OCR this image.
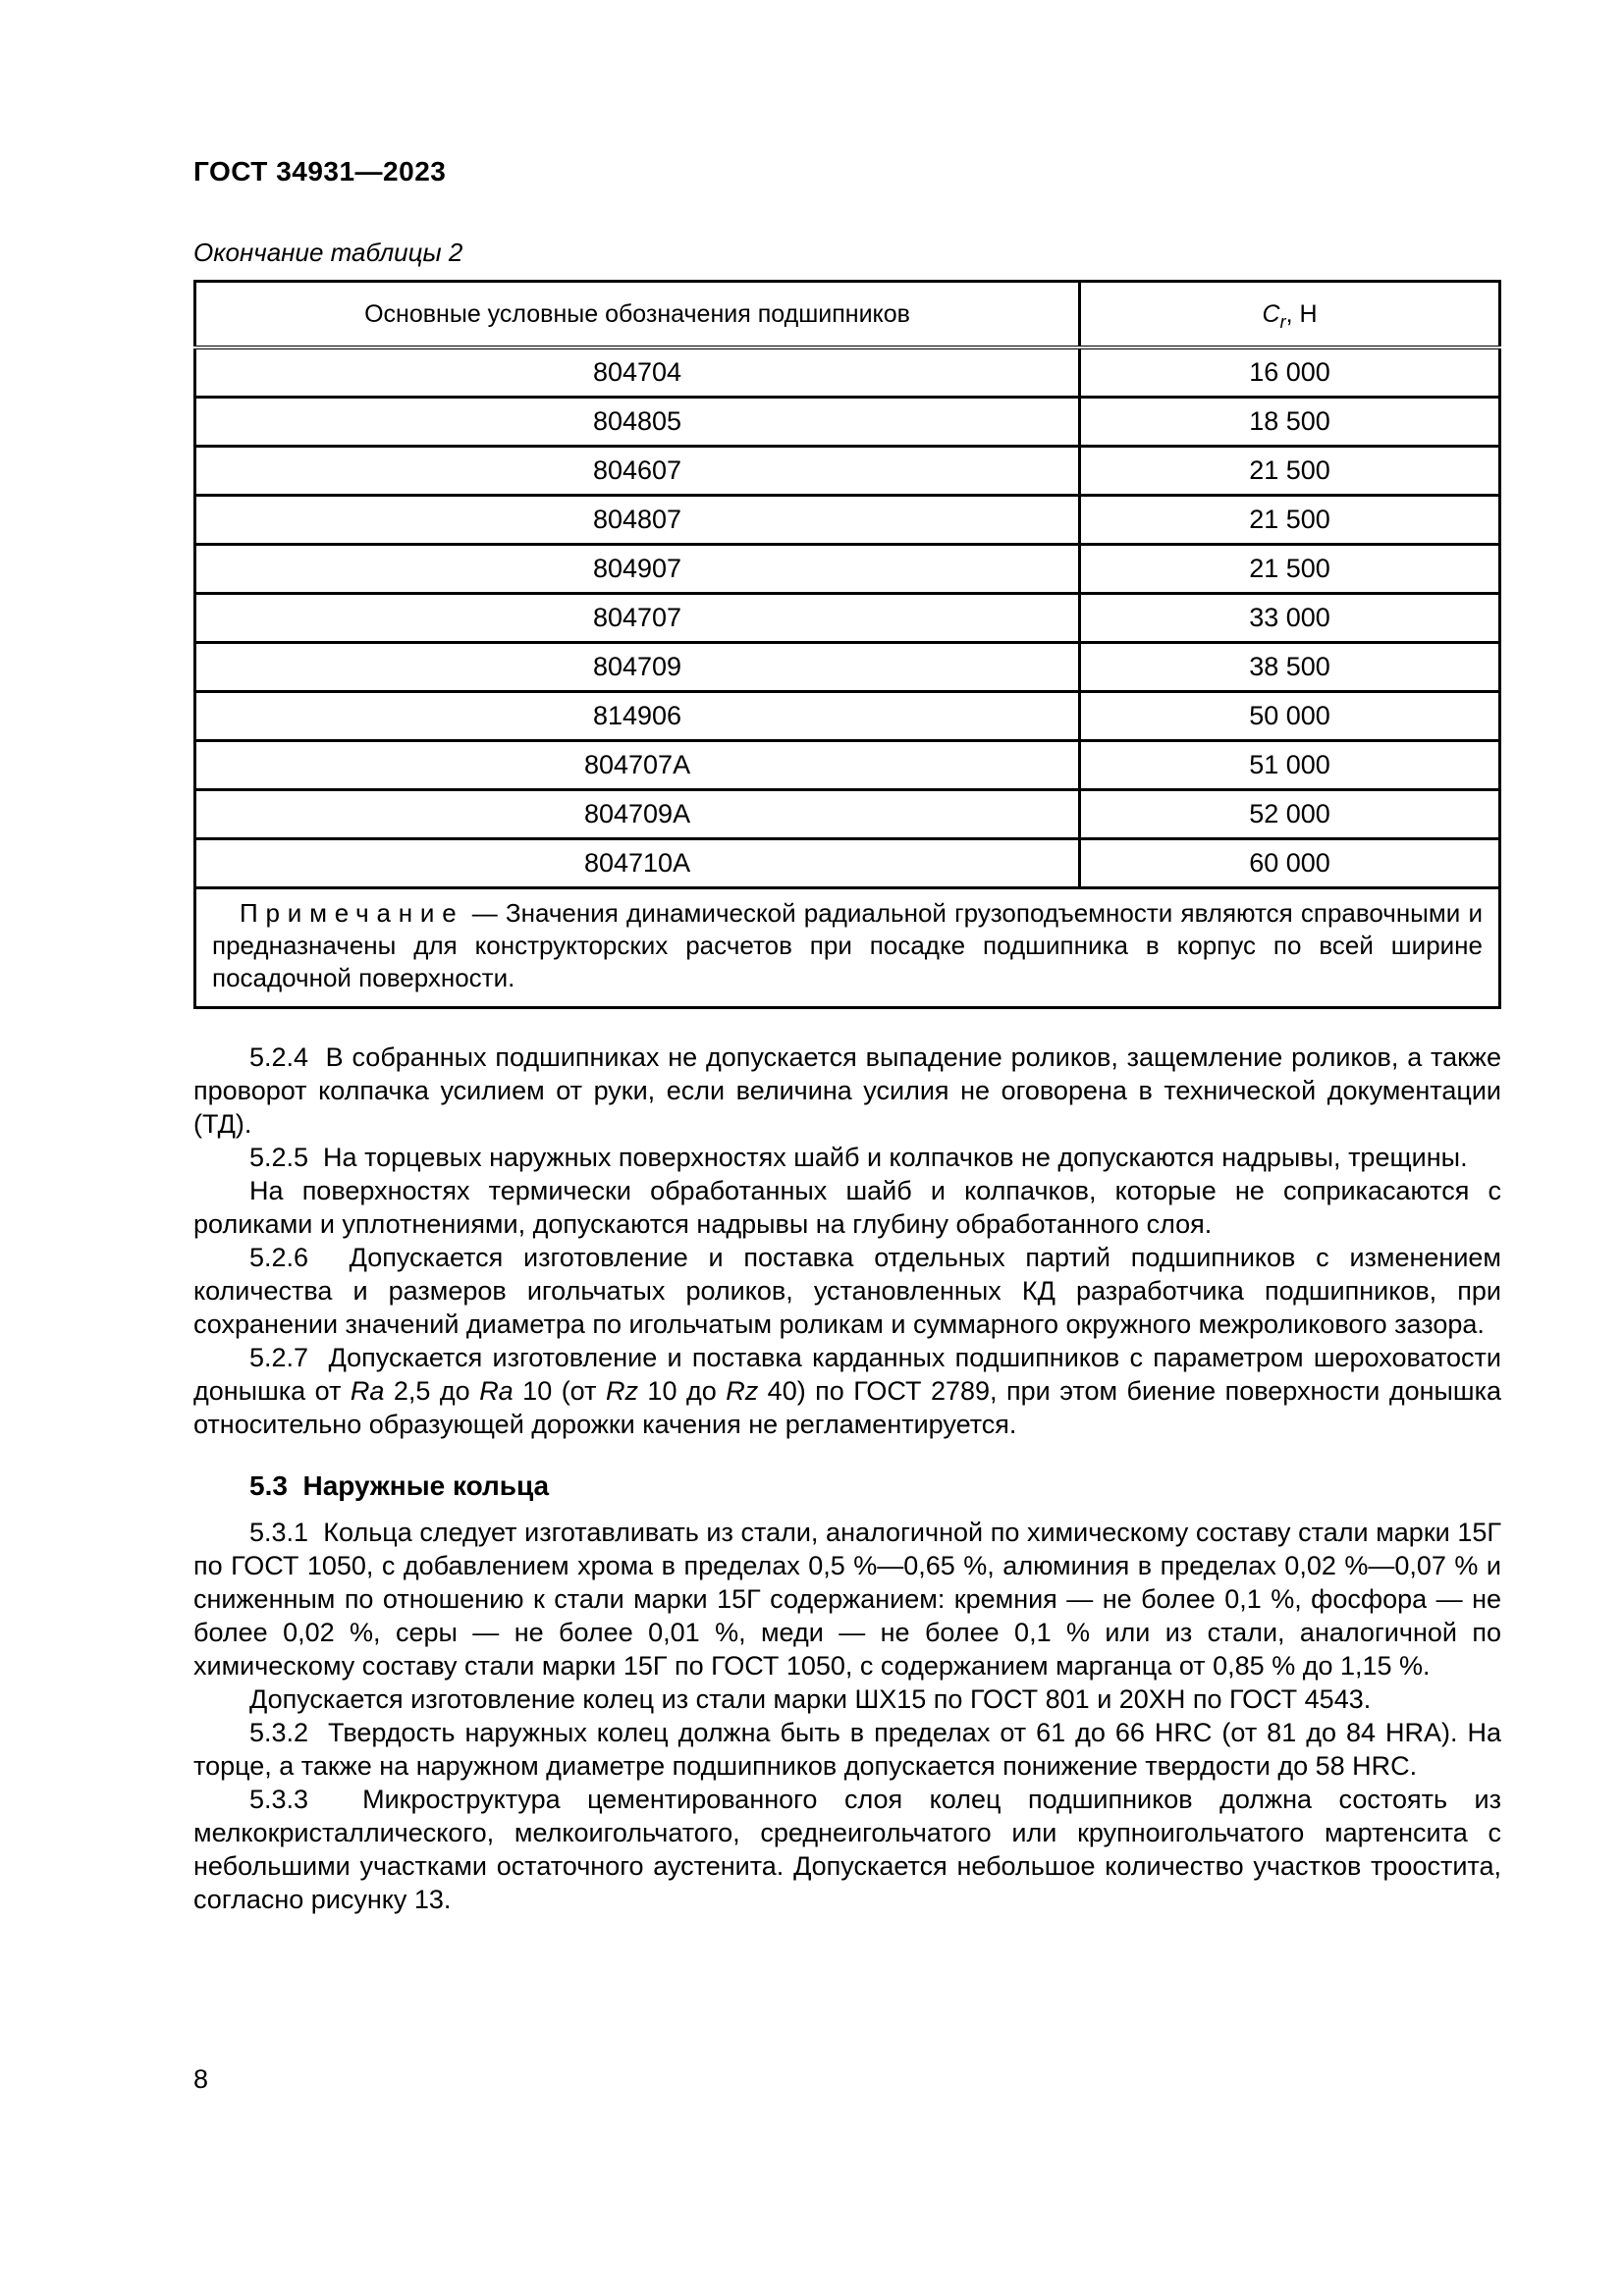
ГОСТ 34931—2023
Окончание таблицы 2
Основные условные обозначения подшипников	$C_r$, Н
804704	16 000
804805	18 500
804607	21 500
804807	21 500
804907	21 500
804707	33 000
804709	38 500
814906	50 000
804707А	51 000
804709А	52 000
804710А	60 000

Примечание — Значения динамической радиальной грузоподъемности являются справочными и предназначены для конструкторских расчетов при посадке подшипника в корпус по всей ширине посадочной поверхности.	

5.2.4  В собранных подшипниках не допускается выпадение роликов, защемление роликов, а также проворот колпачка усилием от руки, если величина усилия не оговорена в технической документации (ТД).

5.2.5  На торцевых наружных поверхностях шайб и колпачков не допускаются надрывы, трещины.

На поверхностях термически обработанных шайб и колпачков, которые не соприкасаются с роликами и уплотнениями, допускаются надрывы на глубину обработанного слоя.

5.2.6  Допускается изготовление и поставка отдельных партий подшипников с изменением количества и размеров игольчатых роликов, установленных КД разработчика подшипников, при сохранении значений диаметра по игольчатым роликам и суммарного окружного межроликового зазора.

5.2.7  Допускается изготовление и поставка карданных подшипников с параметром шероховатости донышка от Ra 2,5 до Ra 10 (от Rz 10 до Rz 40) по ГОСТ 2789, при этом биение поверхности донышка относительно образующей дорожки качения не регламентируется.

5.3  Наружные кольца

5.3.1  Кольца следует изготавливать из стали, аналогичной по химическому составу стали марки 15Г по ГОСТ 1050, с добавлением хрома в пределах 0,5 %—0,65 %, алюминия в пределах 0,02 %—0,07 % и сниженным по отношению к стали марки 15Г содержанием: кремния — не более 0,1 %, фосфора — не более 0,02 %, серы — не более 0,01 %, меди — не более 0,1 % или из стали, аналогичной по химическому составу стали марки 15Г по ГОСТ 1050, с содержанием марганца от 0,85 % до 1,15 %.

Допускается изготовление колец из стали марки ШХ15 по ГОСТ 801 и 20ХН по ГОСТ 4543.

5.3.2  Твердость наружных колец должна быть в пределах от 61 до 66 HRC (от 81 до 84 HRA). На торце, а также на наружном диаметре подшипников допускается понижение твердости до 58 HRC.

5.3.3  Микроструктура цементированного слоя колец подшипников должна состоять из мелкокристаллического, мелкоигольчатого, среднеигольчатого или крупноигольчатого мартенсита с небольшими участками остаточного аустенита. Допускается небольшое количество участков троостита, согласно рисунку 13.

8
